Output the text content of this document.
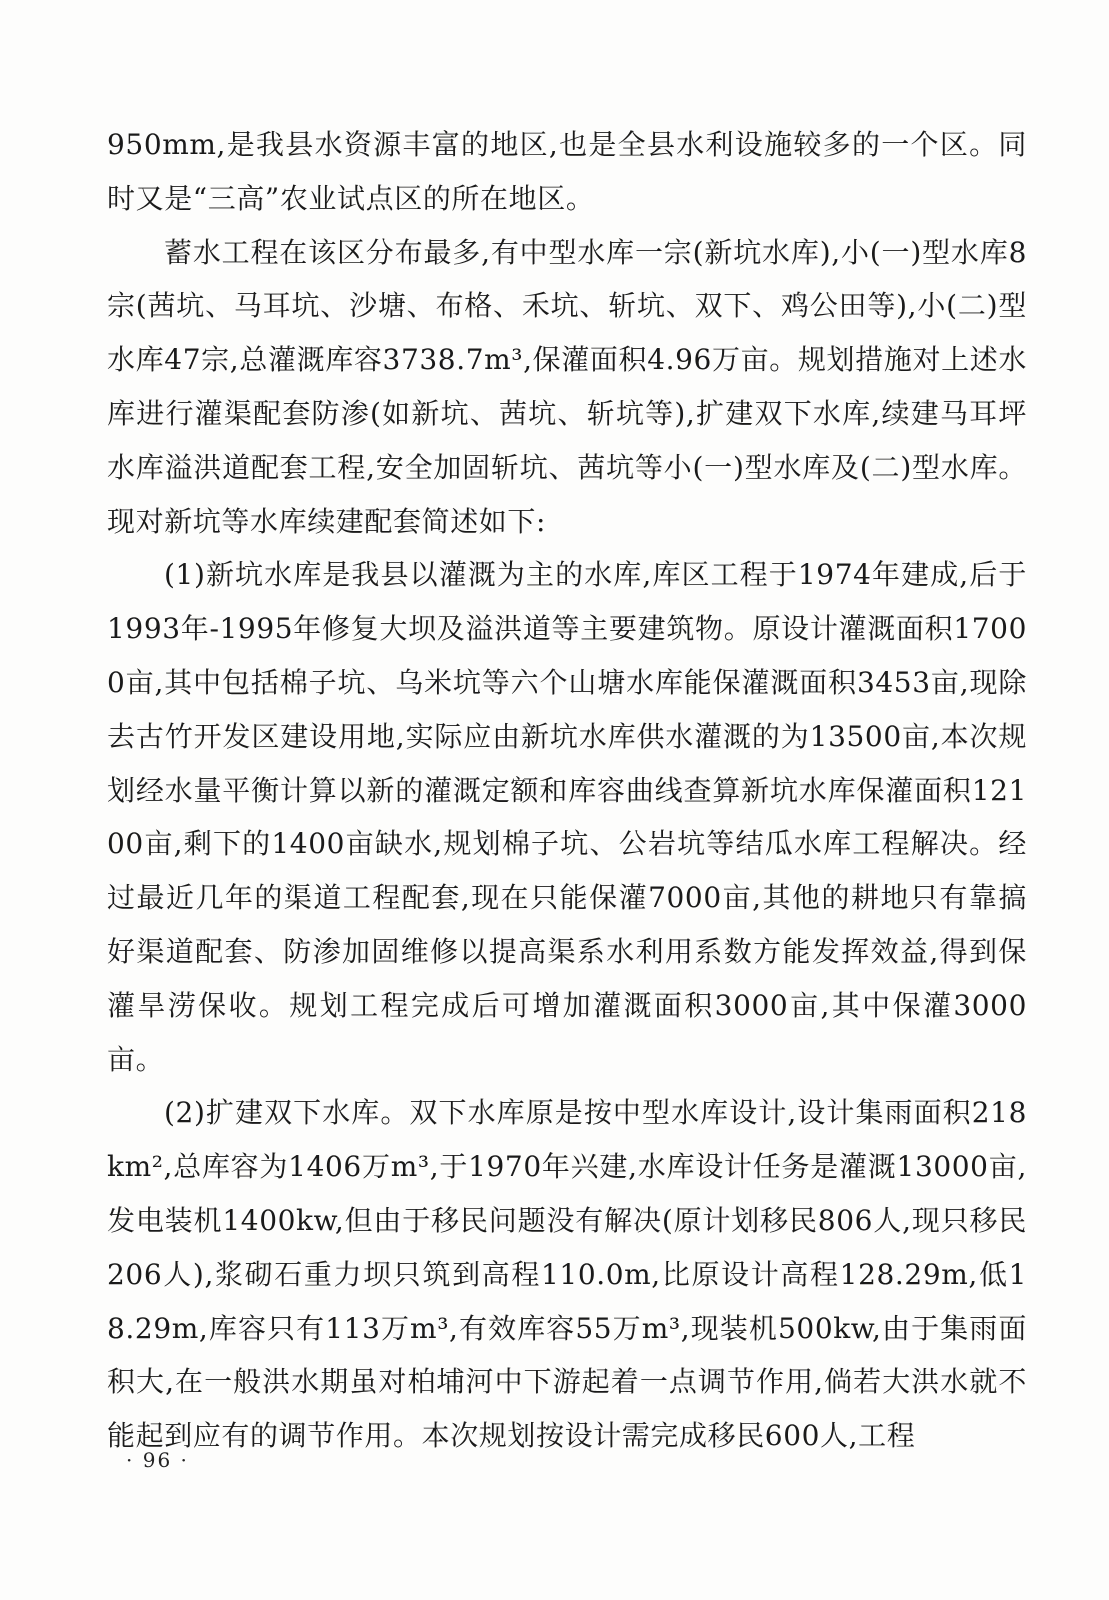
950mm,是我县水资源丰富的地区,也是全县水利设施较多的一个区。同时又是“三高”农业试点区的所在地区。

蓄水工程在该区分布最多,有中型水库一宗(新坑水库),小(一)型水库8宗(茜坑、马耳坑、沙塘、布格、禾坑、斩坑、双下、鸡公田等),小(二)型水库47宗,总灌溉库容3738.7m³,保灌面积4.96万亩。规划措施对上述水库进行灌渠配套防渗(如新坑、茜坑、斩坑等),扩建双下水库,续建马耳坪水库溢洪道配套工程,安全加固斩坑、茜坑等小(一)型水库及(二)型水库。现对新坑等水库续建配套简述如下:

(1)新坑水库是我县以灌溉为主的水库,库区工程于1974年建成,后于1993年-1995年修复大坝及溢洪道等主要建筑物。原设计灌溉面积17000亩,其中包括棉子坑、乌米坑等六个山塘水库能保灌溉面积3453亩,现除去古竹开发区建设用地,实际应由新坑水库供水灌溉的为13500亩,本次规划经水量平衡计算以新的灌溉定额和库容曲线查算新坑水库保灌面积12100亩,剩下的1400亩缺水,规划棉子坑、公岩坑等结瓜水库工程解决。经过最近几年的渠道工程配套,现在只能保灌7000亩,其他的耕地只有靠搞好渠道配套、防渗加固维修以提高渠系水利用系数方能发挥效益,得到保灌旱涝保收。规划工程完成后可增加灌溉面积3000亩,其中保灌3000亩。

(2)扩建双下水库。双下水库原是按中型水库设计,设计集雨面积218km²,总库容为1406万m³,于1970年兴建,水库设计任务是灌溉13000亩,发电装机1400kw,但由于移民问题没有解决(原计划移民806人,现只移民206人),浆砌石重力坝只筑到高程110.0m,比原设计高程128.29m,低18.29m,库容只有113万m³,有效库容55万m³,现装机500kw,由于集雨面积大,在一般洪水期虽对柏埔河中下游起着一点调节作用,倘若大洪水就不能起到应有的调节作用。本次规划按设计需完成移民600人,工程

· 96 ·
